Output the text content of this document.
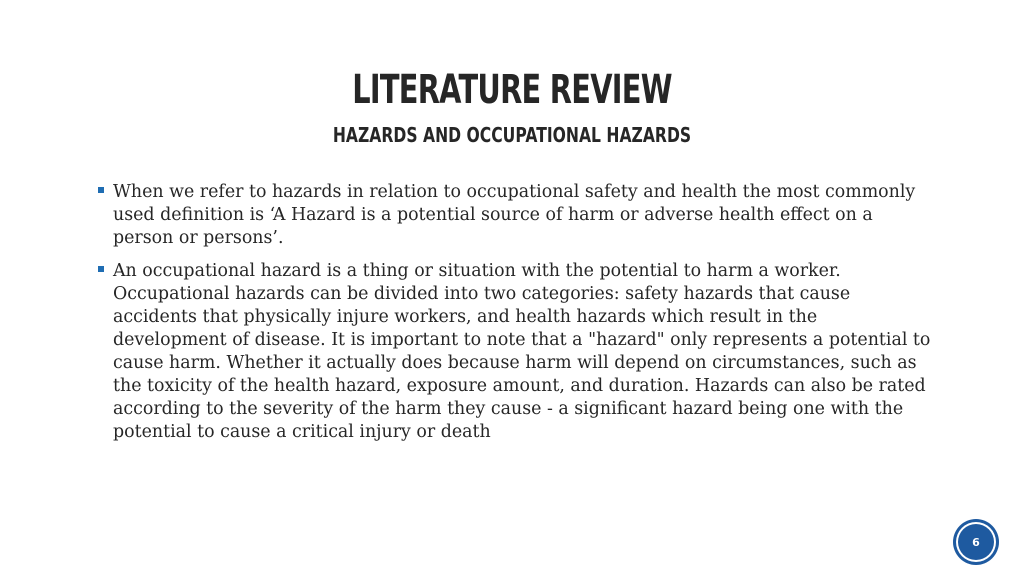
LITERATURE REVIEW
HAZARDS AND OCCUPATIONAL HAZARDS
When we refer to hazards in relation to occupational safety and health the most commonly used definition is ‘A Hazard is a potential source of harm or adverse health effect on a person or persons’.
An occupational hazard is a thing or situation with the potential to harm a worker. Occupational hazards can be divided into two categories: safety hazards that cause accidents that physically injure workers, and health hazards which result in the development of disease. It is important to note that a "hazard" only represents a potential to cause harm. Whether it actually does because harm will depend on circumstances, such as the toxicity of the health hazard, exposure amount, and duration. Hazards can also be rated according to the severity of the harm they cause - a significant hazard being one with the potential to cause a critical injury or death
6
